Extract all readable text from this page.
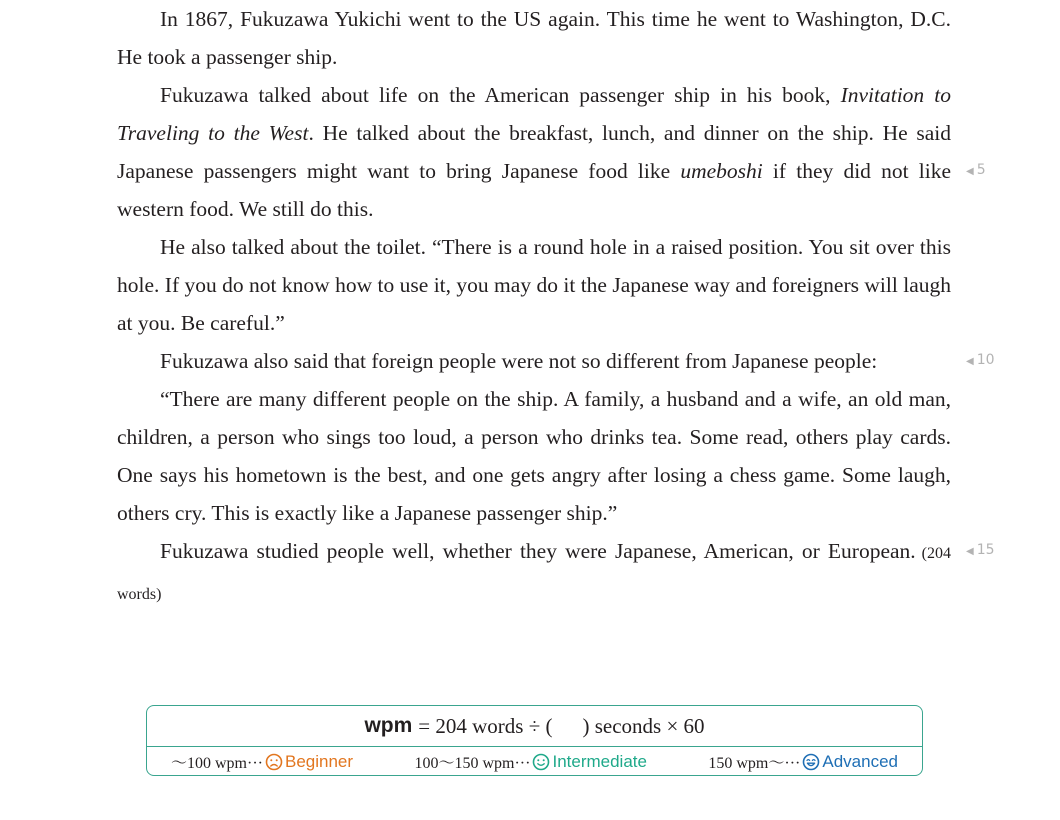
In 1867, Fukuzawa Yukichi went to the US again. This time he went to Washington, D.C. He took a passenger ship.

Fukuzawa talked about life on the American passenger ship in his book, Invitation to Traveling to the West. He talked about the breakfast, lunch, and dinner on the ship. He said Japanese passengers might want to bring Japanese food like umeboshi if they did not like western food. We still do this.

He also talked about the toilet. “There is a round hole in a raised position. You sit over this hole. If you do not know how to use it, you may do it the Japanese way and foreigners will laugh at you. Be careful.”

Fukuzawa also said that foreign people were not so different from Japanese people:

“There are many different people on the ship. A family, a husband and a wife, an old man, children, a person who sings too loud, a person who drinks tea. Some read, others play cards. One says his hometown is the best, and one gets angry after losing a chess game. Some laugh, others cry. This is exactly like a Japanese passenger ship.”

Fukuzawa studied people well, whether they were Japanese, American, or European. (204 words)

◀ 5
◀ 10
◀ 15
wpm = 204 words ÷ ( ) seconds × 60
～100 wpm··· Beginner	100～150 wpm··· Intermediate	150 wpm～··· Advanced
